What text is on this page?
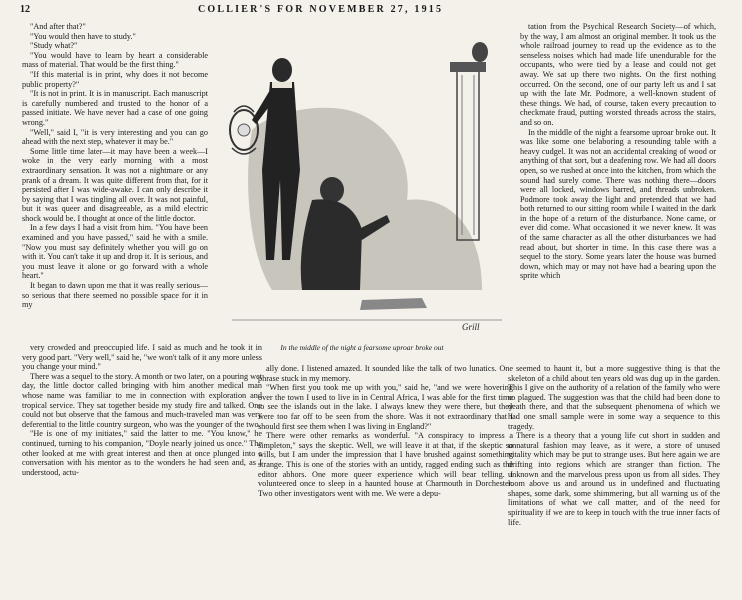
12	COLLIER'S FOR NOVEMBER 27, 1915

"And after that?"

"You would then have to study."

"Study what?"

"You would have to learn by heart a considerable mass of material. That would be the first thing."

"If this material is in print, why does it not become public property?"

"It is not in print. It is in manuscript. Each manuscript is carefully numbered and trusted to the honor of a passed initiate. We have never had a case of one going wrong."

"Well," said I, "it is very interesting and you can go ahead with the next step, whatever it may be."

Some little time later—it may have been a week—I woke in the very early morning with a most extraordinary sensation. It was not a nightmare or any prank of a dream. It was quite different from that, for it persisted after I was wide-awake. I can only describe it by saying that I was tingling all over. It was not painful, but it was queer and disagreeable, as a mild electric shock would be. I thought at once of the little doctor.

In a few days I had a visit from him. "You have been examined and you have passed," said he with a smile. "Now you must say definitely whether you will go on with it. You can't take it up and drop it. It is serious, and you must leave it alone or go forward with a whole heart."

It began to dawn upon me that it was really serious—so serious that there seemed no possible space for it in my

Grill
In the middle of the night a fearsome uproar broke out

very crowded and preoccupied life. I said as much and he took it in very good part. "Very well," said he, "we won't talk of it any more unless you change your mind."

There was a sequel to the story. A month or two later, on a pouring wet day, the little doctor called bringing with him another medical man whose name was familiar to me in connection with exploration and tropical service. They sat together beside my study fire and talked. One could not but observe that the famous and much-traveled man was very deferential to the little country surgeon, who was the younger of the two.

"He is one of my initiates," said the latter to me. "You know," he continued, turning to his companion, "Doyle nearly joined us once." The other looked at me with great interest and then at once plunged into a conversation with his mentor as to the wonders he had seen and, as I understood, actu-

ally done. I listened amazed. It sounded like the talk of two lunatics. One phrase stuck in my memory.

"When first you took me up with you," said he, "and we were hovering over the town I used to live in in Central Africa, I was able for the first time to see the islands out in the lake. I always knew they were there, but they were too far off to be seen from the shore. Was it not extraordinary that I should first see them when I was living in England?"

There were other remarks as wonderful. "A conspiracy to impress a simpleton," says the skeptic. Well, we will leave it at that, if the skeptic so wills, but I am under the impression that I have brushed against something strange. This is one of the stories with an untidy, ragged ending such as the editor abhors. One more queer experience which will bear telling. I volunteered once to sleep in a haunted house at Charmouth in Dorchester. Two other investigators went with me. We were a depu-

tation from the Psychical Research Society—of which, by the way, I am almost an original member. It took us the whole railroad journey to read up the evidence as to the senseless noises which had made life unendurable for the occupants, who were tied by a lease and could not get away. We sat up there two nights. On the first nothing occurred. On the second, one of our party left us and I sat up with the late Mr. Podmore, a well-known student of these things. We had, of course, taken every precaution to checkmate fraud, putting worsted threads across the stairs, and so on.

In the middle of the night a fearsome uproar broke out. It was like some one belaboring a resounding table with a heavy cudgel. It was not an accidental creaking of wood or anything of that sort, but a deafening row. We had all doors open, so we rushed at once into the kitchen, from which the sound had surely come. There was nothing there—doors were all locked, windows barred, and threads unbroken. Podmore took away the light and pretended that we had both returned to our sitting room while I waited in the dark in the hope of a return of the disturbance. None came, or ever did come. What occasioned it we never knew. It was of the same character as all the other disturbances we had read about, but shorter in time. In this case there was a sequel to the story. Some years later the house was burned down, which may or may not have had a bearing upon the sprite which

seemed to haunt it, but a more suggestive thing is that the skeleton of a child about ten years old was dug up in the garden. This I give on the authority of a relation of the family who were so plagued. The suggestion was that the child had been done to death there, and that the subsequent phenomena of which we had one small sample were in some way a sequence to this tragedy.

There is a theory that a young life cut short in sudden and unnatural fashion may leave, as it were, a store of unused vitality which may be put to strange uses. But here again we are drifting into regions which are stranger than fiction. The unknown and the marvelous press upon us from all sides. They loom above us and around us in undefined and fluctuating shapes, some dark, some shimmering, but all warning us of the limitations of what we call matter, and of the need for spirituality if we are to keep in touch with the true inner facts of life.
